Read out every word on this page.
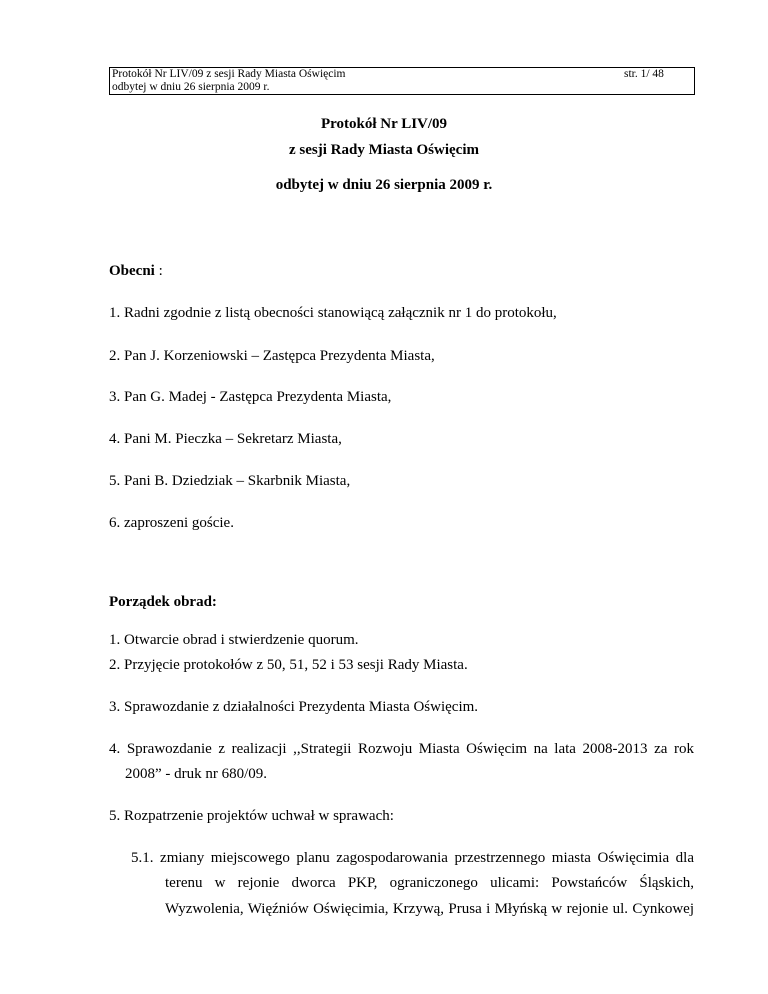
Protokół Nr LIV/09 z sesji Rady Miasta Oświęcim
odbytej w dniu 26 sierpnia 2009 r.
str. 1/ 48
Protokół Nr LIV/09
z sesji Rady Miasta Oświęcim
odbytej w dniu 26 sierpnia 2009 r.
Obecni :
1. Radni zgodnie z listą obecności stanowiącą załącznik nr 1 do protokołu,
2. Pan J. Korzeniowski – Zastępca Prezydenta Miasta,
3. Pan G. Madej - Zastępca Prezydenta Miasta,
4. Pani M. Pieczka – Sekretarz Miasta,
5. Pani B. Dziedziak – Skarbnik Miasta,
6. zaproszeni goście.
Porządek obrad:
1. Otwarcie obrad i stwierdzenie quorum.
2. Przyjęcie protokołów z 50, 51, 52 i 53 sesji Rady Miasta.
3. Sprawozdanie z działalności Prezydenta Miasta Oświęcim.
4. Sprawozdanie z realizacji ,,Strategii Rozwoju Miasta Oświęcim na lata 2008-2013 za rok
2008” - druk nr 680/09.
5. Rozpatrzenie projektów uchwał w sprawach:
5.1. zmiany miejscowego planu zagospodarowania przestrzennego miasta Oświęcimia dla
terenu w rejonie dworca PKP, ograniczonego ulicami: Powstańców Śląskich,
Wyzwolenia, Więźniów Oświęcimia, Krzywą, Prusa i Młyńską w rejonie ul. Cynkowej
